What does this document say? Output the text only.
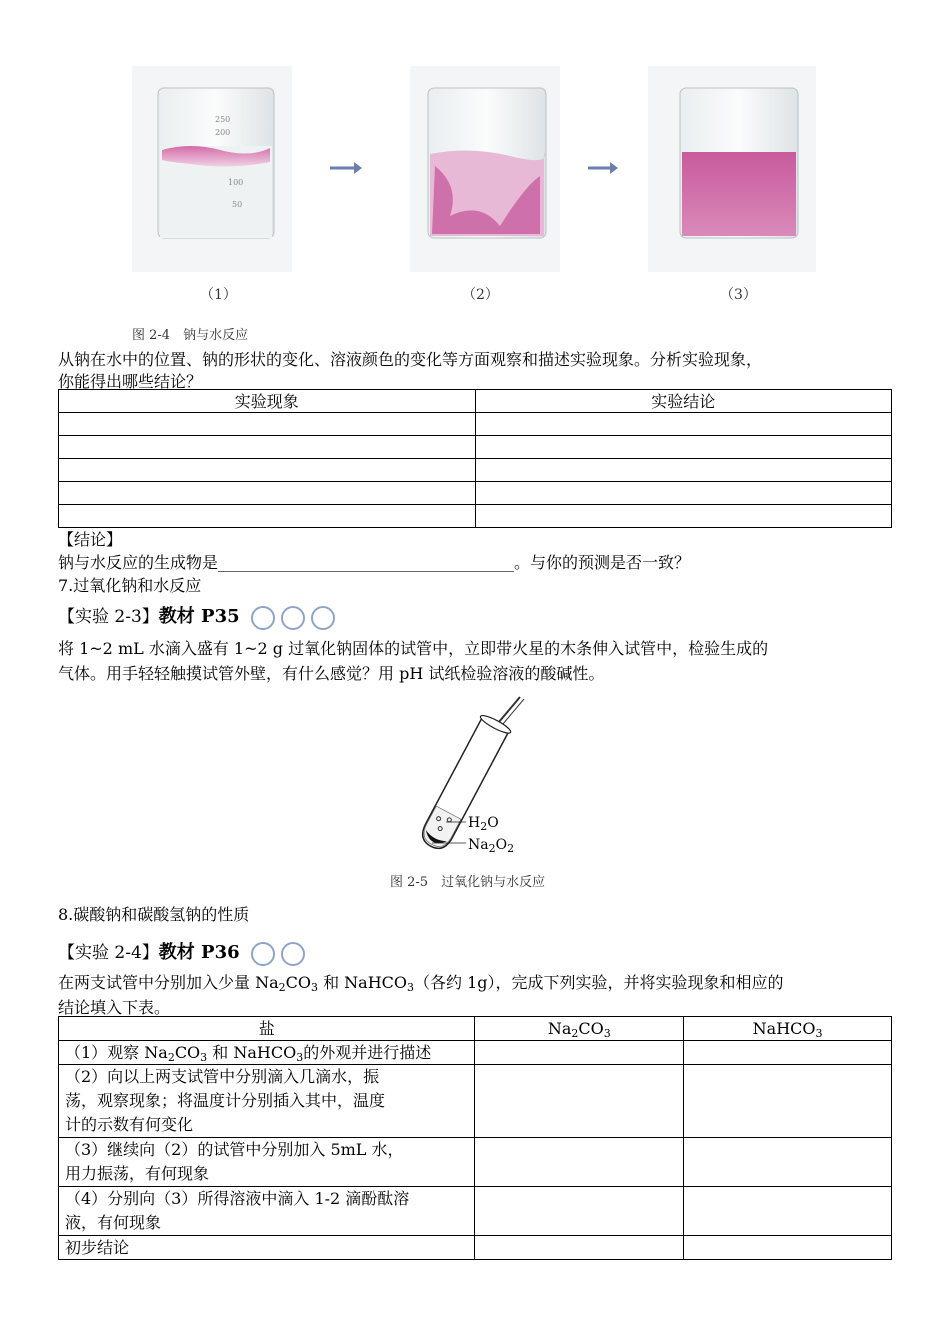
（1）	（2）	（3）
图 2-4　钠与水反应
250
200
100
50
从钠在水中的位置、钠的形状的变化、溶液颜色的变化等方面观察和描述实验现象。分析实验现象，
你能得出哪些结论？
实验现象	实验结论

【结论】
钠与水反应的生成物是_____________________________________。与你的预测是否一致？
7.过氧化钠和水反应
【实验 2-3】教材 P35
将 1~2 mL 水滴入盛有 1~2 g 过氧化钠固体的试管中，立即带火星的木条伸入试管中，检验生成的
气体。用手轻轻触摸试管外壁，有什么感觉？用 pH 试纸检验溶液的酸碱性。
$H_2O$
$Na_2O_2$
图 2-5　过氧化钠与水反应
8.碳酸钠和碳酸氢钠的性质
【实验 2-4】教材 P36
在两支试管中分别加入少量 $Na_2CO_3$ 和 NaHCO$_3$（各约 1g），完成下列实验，并将实验现象和相应的
结论填入下表。
盐	$Na_2CO_3$	NaHCO$_3$
（1）观察 $Na_2CO_3$ 和 NaHCO$_3$的外观并进行描述		

（2）向以上两支试管中分别滴入几滴水，振
荡，观察现象；将温度计分别插入其中，温度
计的示数有何变化		

（3）继续向（2）的试管中分别加入 5mL 水，
用力振荡，有何现象		

（4）分别向（3）所得溶液中滴入 1-2 滴酚酞溶
液，有何现象		

初步结论		
